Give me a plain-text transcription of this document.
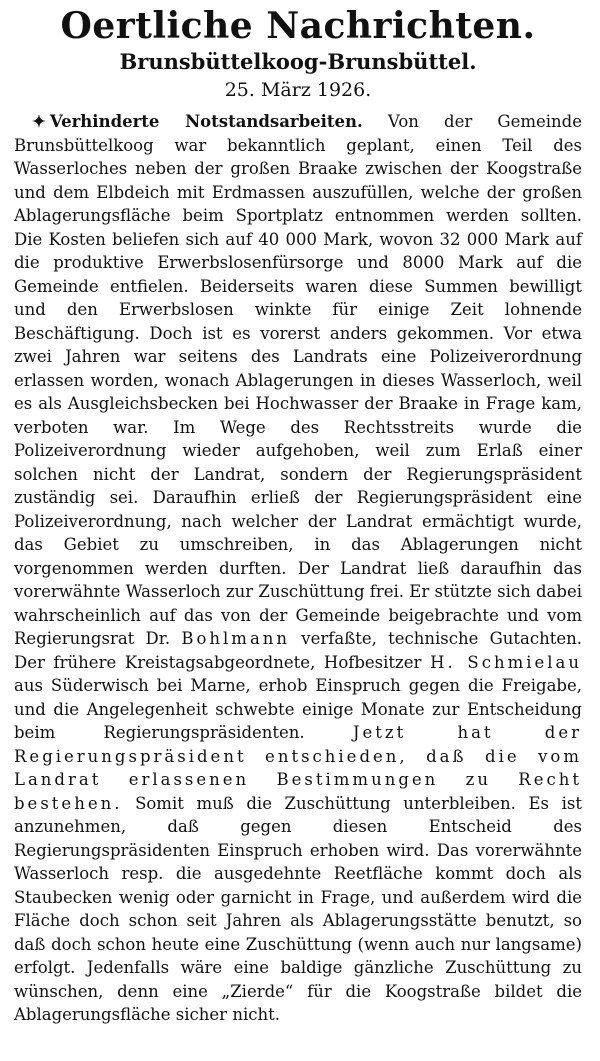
Oertliche Nachrichten.
Brunsbüttelkoog-Brunsbüttel.
25. März 1926.

✦ Verhinderte Notstandsarbeiten. Von der Gemeinde Brunsbüttelkoog war bekanntlich geplant, einen Teil des Wasserloches neben der großen Braake zwischen der Koogstraße und dem Elbdeich mit Erdmassen auszufüllen, welche der großen Ablagerungsfläche beim Sportplatz entnommen werden sollten. Die Kosten beliefen sich auf 40 000 Mark, wovon 32 000 Mark auf die produktive Erwerbslosenfürsorge und 8000 Mark auf die Gemeinde entfielen. Beiderseits waren diese Summen bewilligt und den Erwerbslosen winkte für einige Zeit lohnende Beschäftigung. Doch ist es vorerst anders gekommen. Vor etwa zwei Jahren war seitens des Landrats eine Polizeiverordnung erlassen worden, wonach Ablagerungen in dieses Wasserloch, weil es als Ausgleichsbecken bei Hochwasser der Braake in Frage kam, verboten war. Im Wege des Rechtsstreits wurde die Polizeiverordnung wieder aufgehoben, weil zum Erlaß einer solchen nicht der Landrat, sondern der Regierungspräsident zuständig sei. Daraufhin erließ der Regierungspräsident eine Polizeiverordnung, nach welcher der Landrat ermächtigt wurde, das Gebiet zu umschreiben, in das Ablagerungen nicht vorgenommen werden durften. Der Landrat ließ daraufhin das vorerwähnte Wasserloch zur Zuschüttung frei. Er stützte sich dabei wahrscheinlich auf das von der Gemeinde beigebrachte und vom Regierungsrat Dr. Bohlmann verfaßte, technische Gutachten. Der frühere Kreistagsabgeordnete, Hofbesitzer H. Schmielau aus Süderwisch bei Marne, erhob Einspruch gegen die Freigabe, und die Angelegenheit schwebte einige Monate zur Entscheidung beim Regierungspräsidenten.	Jetzt hat der Regierungspräsident entschieden, daß die vom Landrat erlassenen Bestimmungen zu Recht bestehen. Somit muß die Zuschüttung unterbleiben. Es ist anzunehmen, daß gegen diesen Entscheid des Regierungspräsidenten Einspruch erhoben wird. Das vorerwähnte Wasserloch resp. die ausgedehnte Reetfläche kommt doch als Staubecken wenig oder garnicht in Frage, und außerdem wird die Fläche doch schon seit Jahren als Ablagerungsstätte benutzt, so daß doch schon heute eine Zuschüttung (wenn auch nur langsame) erfolgt. Jedenfalls wäre eine baldige gänzliche Zuschüttung zu wünschen, denn eine „Zierde“ für die Koogstraße bildet die Ablagerungsfläche sicher nicht.
